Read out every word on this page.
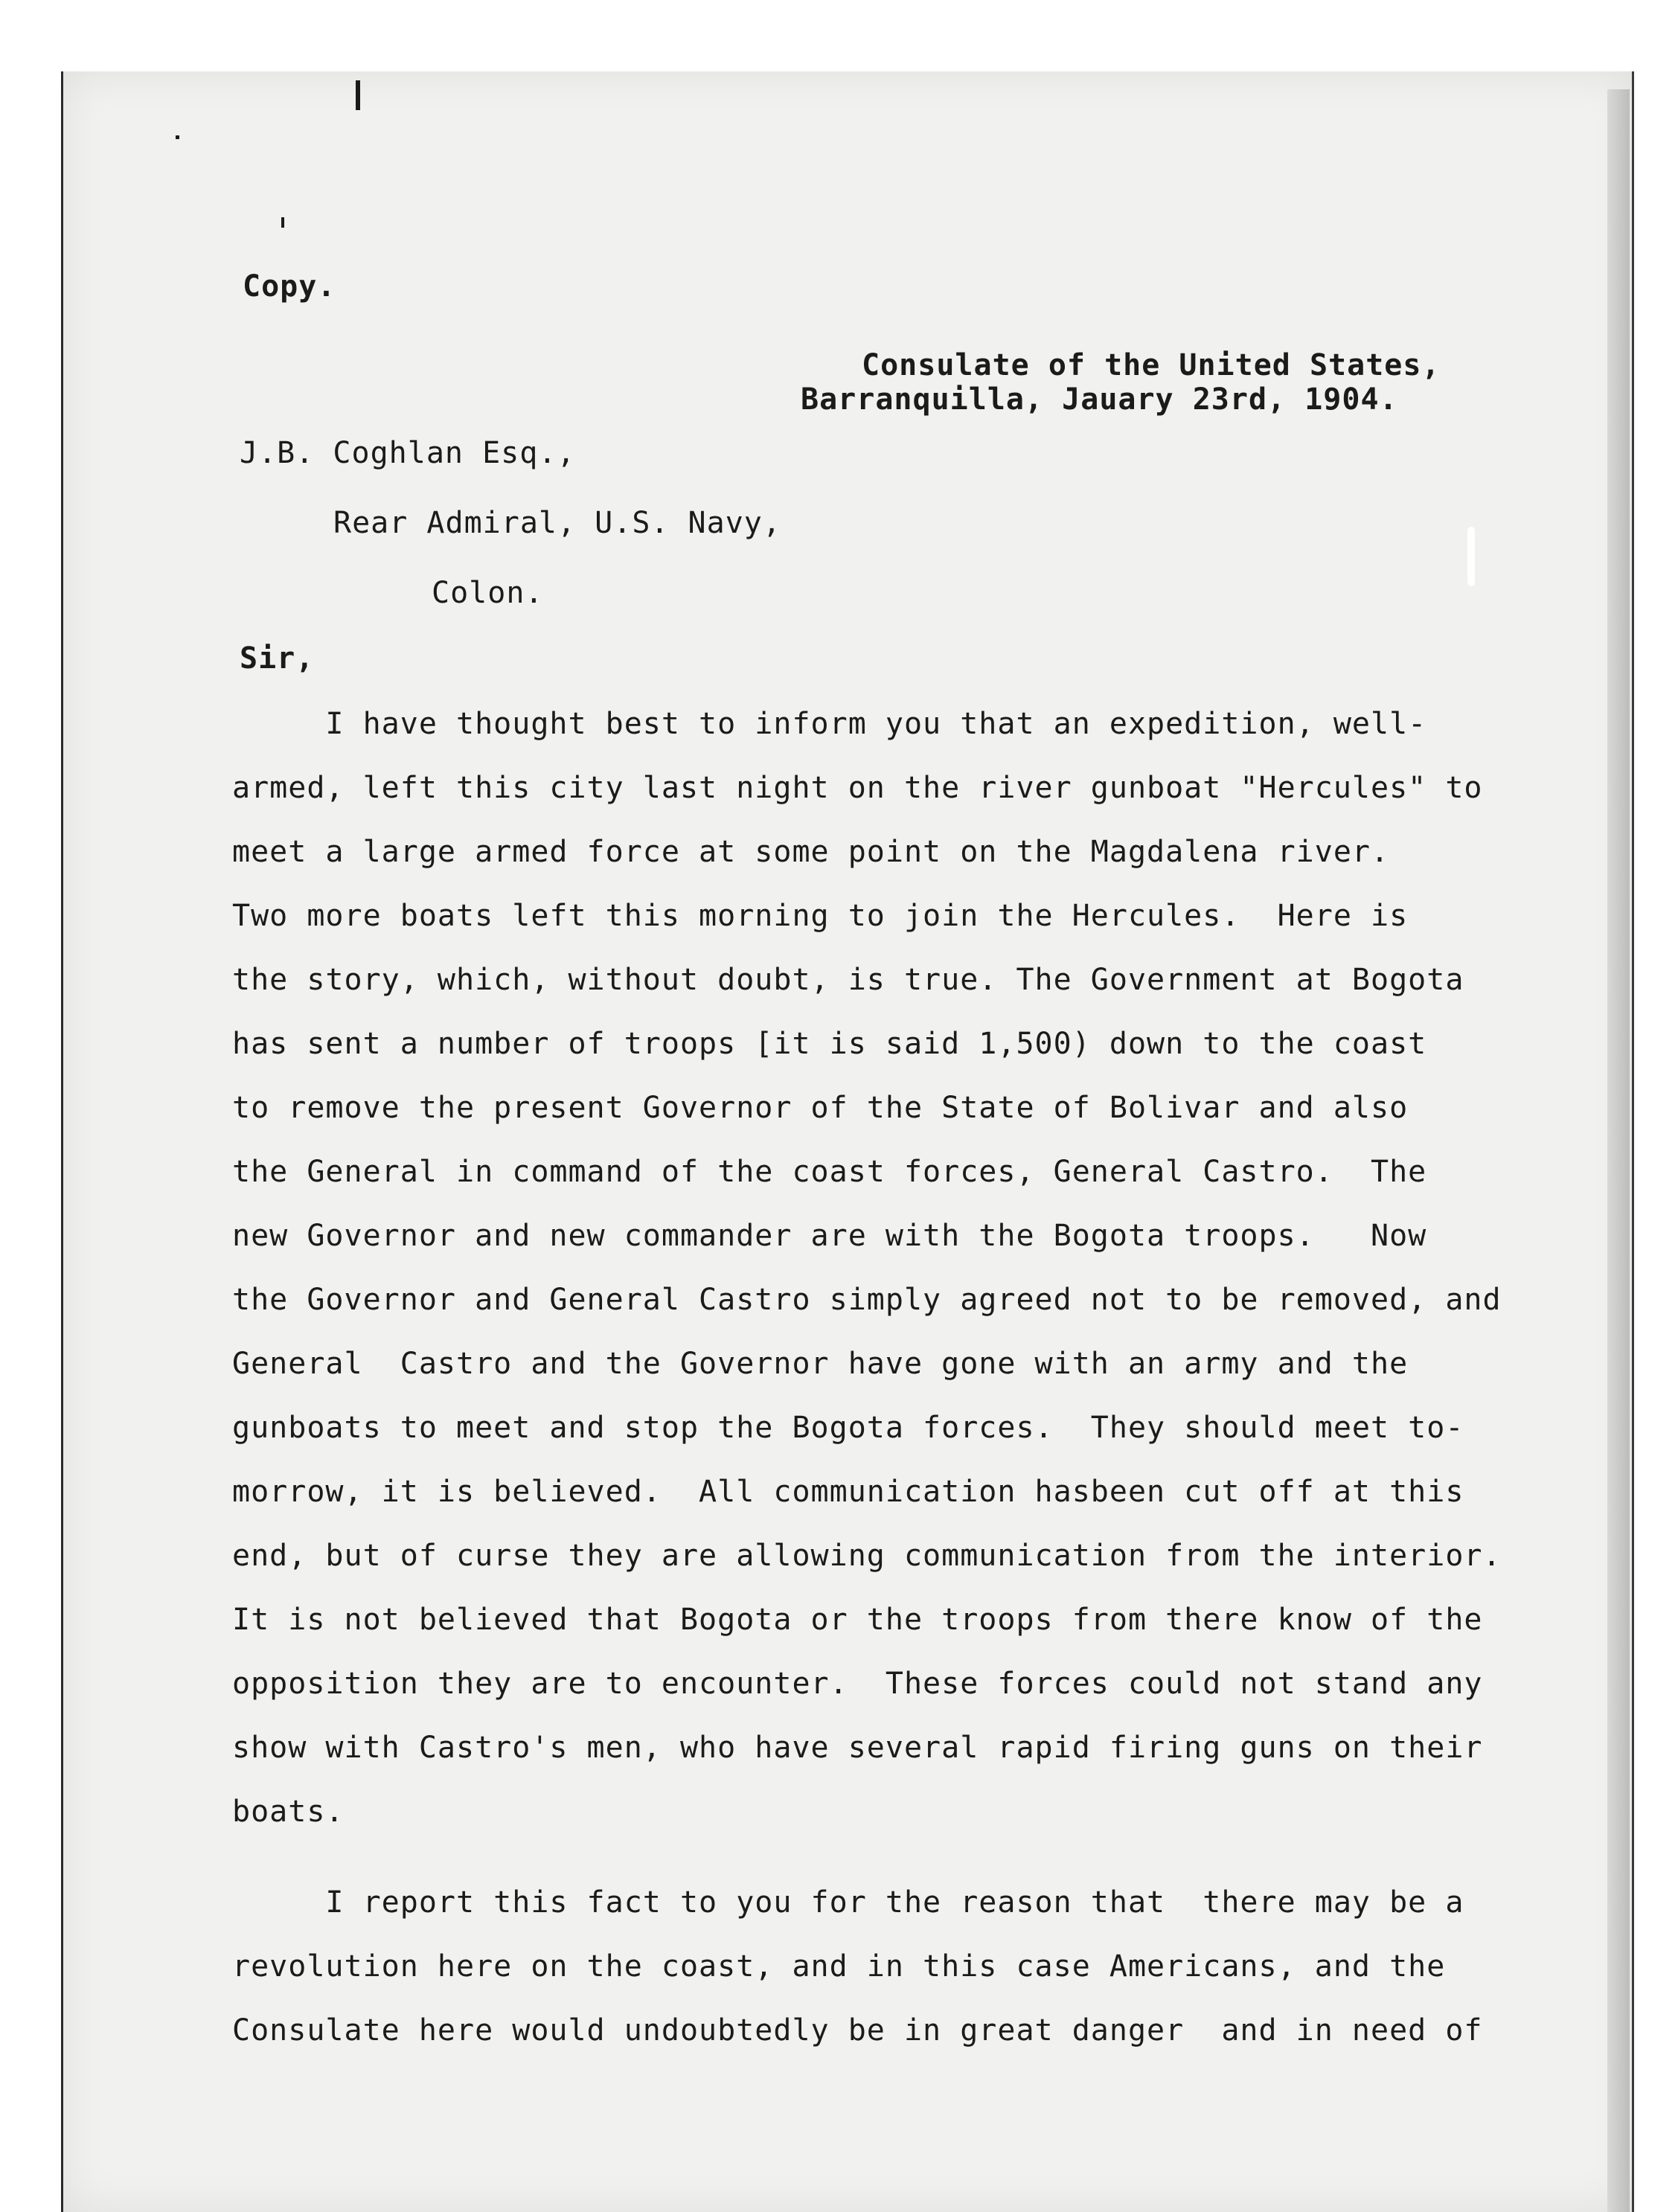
Copy.

Consulate of the United States,

Barranquilla, Jauary 23rd, 1904.

J.B. Coghlan Esq.,

Rear Admiral, U.S. Navy,

Colon.

Sir,

I have thought best to inform you that an expedition, well-

armed, left this city last night on the river gunboat "Hercules" to

meet a large armed force at some point on the Magdalena river.

Two more boats left this morning to join the Hercules.  Here is

the story, which, without doubt, is true. The Government at Bogota

has sent a number of troops [it is said 1,500) down to the coast

to remove the present Governor of the State of Bolivar and also

the General in command of the coast forces, General Castro.  The

new Governor and new commander are with the Bogota troops.   Now

the Governor and General Castro simply agreed not to be removed, and

General  Castro and the Governor have gone with an army and the

gunboats to meet and stop the Bogota forces.  They should meet to-

morrow, it is believed.  All communication hasbeen cut off at this

end, but of curse they are allowing communication from the interior.

It is not believed that Bogota or the troops from there know of the

opposition they are to encounter.  These forces could not stand any

show with Castro's men, who have several rapid firing guns on their

boats.

I report this fact to you for the reason that  there may be a

revolution here on the coast, and in this case Americans, and the

Consulate here would undoubtedly be in great danger  and in need of
